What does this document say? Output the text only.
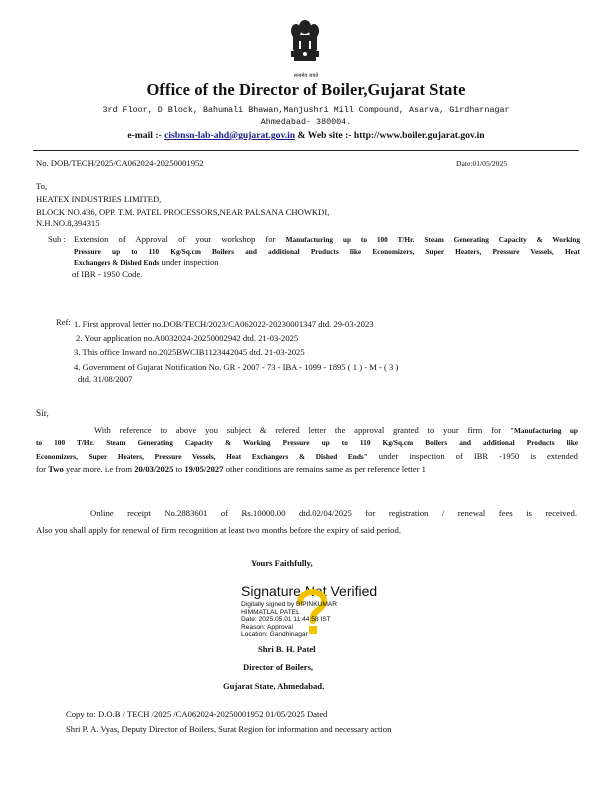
सत्यमेव जयते
Office of the Director of Boiler,Gujarat State
3rd Floor, D Block, Bahumali Bhawan,Manjushri Mill Compound, Asarva, Girdharnagar
Ahmedabad- 380004.
e-mail :- cisbnsn-lab-ahd@gujarat.gov.in & Web site :- http://www.boiler.gujarat.gov.in
No. DOB/TECH/2025/CA062024-20250001952	Date:01/05/2025
To,
HEATEX INDUSTRIES LIMITED,
BLOCK NO.436, OPP. T.M. PATEL PROCESSORS,NEAR PALSANA CHOWKDI,
N.H.NO.8,394315
Sub : Extension of Approval of your workshop for Manufacturing up to 100 T/Hr. Steam Generating Capacity & Working
Pressure up to 110 Kg/Sq.cm Boilers and additional Products like Economizers, Super Heaters, Pressure Vessels, Heat
Exchangers & Dished Ends under inspection
of IBR - 1950 Code.
Ref: 1. First approval letter no.DOB/TECH/2023/CA062022-20230001347 dtd. 29-03-2023
2. Your application no.A0032024-20250002942 dtd. 21-03-2025
3. This office Inward no.2025BWCIB1123442045 dtd. 21-03-2025
4. Government of Gujarat Notification No. GR - 2007 - 73 - IBA - 1099 - 1895 ( 1 ) - M - ( 3 )
dtd. 31/08/2007
Sir,
With reference to above you subject & refered letter the approval granted to your firm for "Manufacturing up
to 100 T/Hr. Steam Generating Capacity & Working Pressure up to 110 Kg/Sq.cm Boilers and additional Products like
Economizers, Super Heaters, Pressure Vessels, Heat Exchangers & Dished Ends" under inspection of IBR -1950 is extended
for Two year more. i.e from 20/03/2025 to 19/05/2027 other conditions are remains same as per reference letter 1
Online receipt No.2883601 of Rs.10000.00 dtd.02/04/2025 for registration / renewal fees is received.
Also you shall apply for renewal of firm recognition at least two months before the expiry of said period.
Yours Faithfully,
Signature Not Verified
Digitally signed by BIPINKUMAR
HIMMATLAL PATEL
Date: 2025.05.01 11:44:58 IST
Reason: Approval
Location: Gandhinagar
Shri B. H. Patel
Director of Boilers,
Gujarat State, Ahmedabad.
Copy to: D.O.B / TECH /2025 /CA062024-20250001952 01/05/2025 Dated
Shri P. A. Vyas, Deputy Director of Boilers, Surat Region for information and necessary action
